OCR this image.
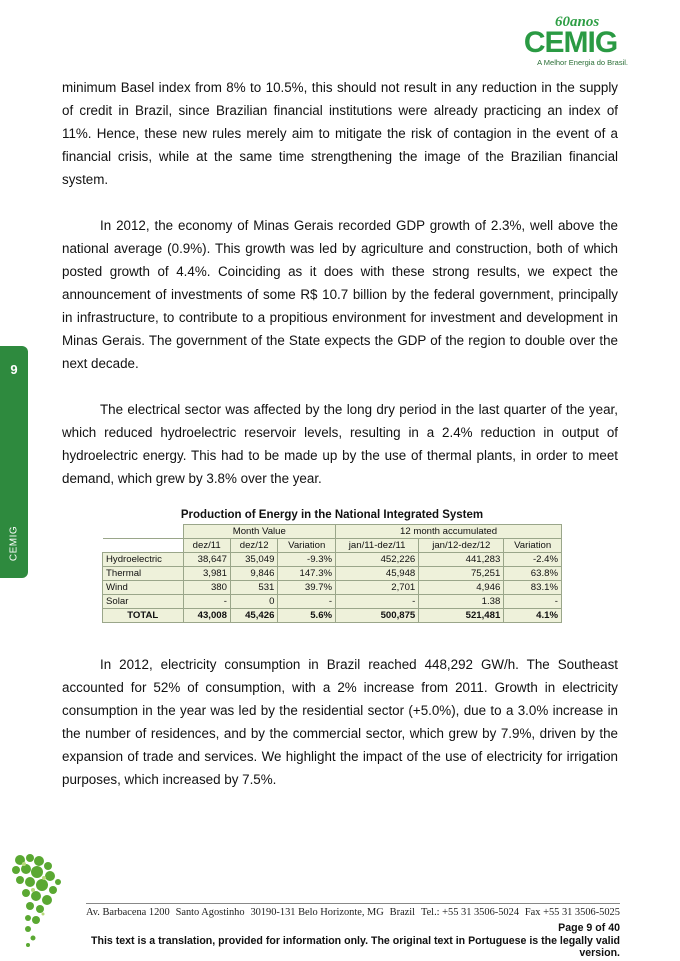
60anos
CEMIG
A Melhor Energia do Brasil.
9
CEMIG

minimum Basel index from 8% to 10.5%, this should not result in any reduction in the supply of credit in Brazil, since Brazilian financial institutions were already practicing an index of 11%. Hence, these new rules merely aim to mitigate the risk of contagion in the event of a financial crisis, while at the same time strengthening the image of the Brazilian financial system.

In 2012, the economy of Minas Gerais recorded GDP growth of 2.3%, well above the national average (0.9%). This growth was led by agriculture and construction, both of which posted growth of 4.4%. Coinciding as it does with these strong results, we expect the announcement of investments of some R$ 10.7 billion by the federal government, principally in infrastructure, to contribute to a propitious environment for investment and development in Minas Gerais. The government of the State expects the GDP of the region to double over the next decade.

The electrical sector was affected by the long dry period in the last quarter of the year, which reduced hydroelectric reservoir levels, resulting in a 2.4% reduction in output of hydroelectric energy. This had to be made up by the use of thermal plants, in order to meet demand, which grew by 3.8% over the year.

Production of Energy in the National Integrated System
	Month Value			12 month accumulated		
	dez/11	dez/12	Variation	jan/11-dez/11	jan/12-dez/12	Variation
Hydroelectric	38,647	35,049	-9.3%	452,226	441,283	-2.4%
Thermal	3,981	9,846	147.3%	45,948	75,251	63.8%
Wind	380	531	39.7%	2,701	4,946	83.1%
Solar	-	0	-	-	1.38	-
TOTAL	43,008	45,426	5.6%	500,875	521,481	4.1%

In 2012, electricity consumption in Brazil reached 448,292 GW/h. The Southeast accounted for 52% of consumption, with a 2% increase from 2011. Growth in electricity consumption in the year was led by the residential sector (+5.0%), due to a 3.0% increase in the number of residences, and by the commercial sector, which grew by 7.9%, driven by the expansion of trade and services. We highlight the impact of the use of electricity for irrigation purposes, which increased by 7.5%.

Av. Barbacena 1200 Santo Agostinho 30190-131 Belo Horizonte, MG Brazil Tel.: +55 31 3506-5024 Fax +55 31 3506-5025
Page 9 of 40
This text is a translation, provided for information only. The original text in Portuguese is the legally valid version.
